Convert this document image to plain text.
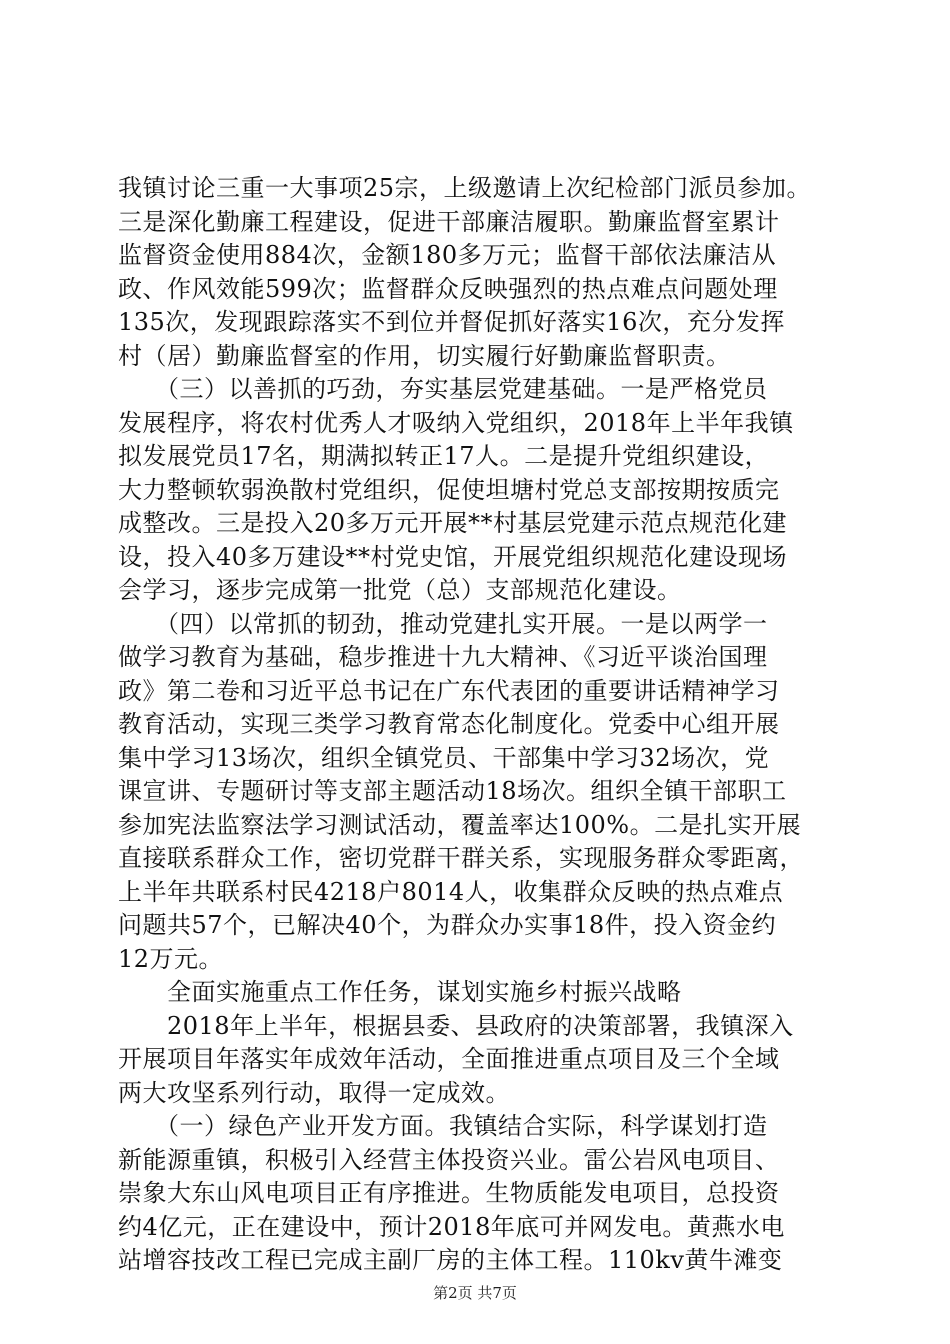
我镇讨论三重一大事项25宗，上级邀请上次纪检部门派员参加。
三是深化勤廉工程建设，促进干部廉洁履职。勤廉监督室累计
监督资金使用884次，金额180多万元；监督干部依法廉洁从
政、作风效能599次；监督群众反映强烈的热点难点问题处理
135次，发现跟踪落实不到位并督促抓好落实16次，充分发挥
村（居）勤廉监督室的作用，切实履行好勤廉监督职责。
　　（三）以善抓的巧劲，夯实基层党建基础。一是严格党员
发展程序，将农村优秀人才吸纳入党组织，2018年上半年我镇
拟发展党员17名，期满拟转正17人。二是提升党组织建设，
大力整顿软弱涣散村党组织，促使坦塘村党总支部按期按质完
成整改。三是投入20多万元开展**村基层党建示范点规范化建
设，投入40多万建设**村党史馆，开展党组织规范化建设现场
会学习，逐步完成第一批党（总）支部规范化建设。
　　（四）以常抓的韧劲，推动党建扎实开展。一是以两学一
做学习教育为基础，稳步推进十九大精神、《习近平谈治国理
政》第二卷和习近平总书记在广东代表团的重要讲话精神学习
教育活动，实现三类学习教育常态化制度化。党委中心组开展
集中学习13场次，组织全镇党员、干部集中学习32场次，党
课宣讲、专题研讨等支部主题活动18场次。组织全镇干部职工
参加宪法监察法学习测试活动，覆盖率达100%。二是扎实开展
直接联系群众工作，密切党群干群关系，实现服务群众零距离，
上半年共联系村民4218户8014人，收集群众反映的热点难点
问题共57个，已解决40个，为群众办实事18件，投入资金约
12万元。
　　全面实施重点工作任务，谋划实施乡村振兴战略
　　2018年上半年，根据县委、县政府的决策部署，我镇深入
开展项目年落实年成效年活动，全面推进重点项目及三个全域
两大攻坚系列行动，取得一定成效。
　　（一）绿色产业开发方面。我镇结合实际，科学谋划打造
新能源重镇，积极引入经营主体投资兴业。雷公岩风电项目、
崇象大东山风电项目正有序推进。生物质能发电项目，总投资
约4亿元，正在建设中，预计2018年底可并网发电。黄燕水电
站增容技改工程已完成主副厂房的主体工程。110kv黄牛滩变
第2页 共7页
